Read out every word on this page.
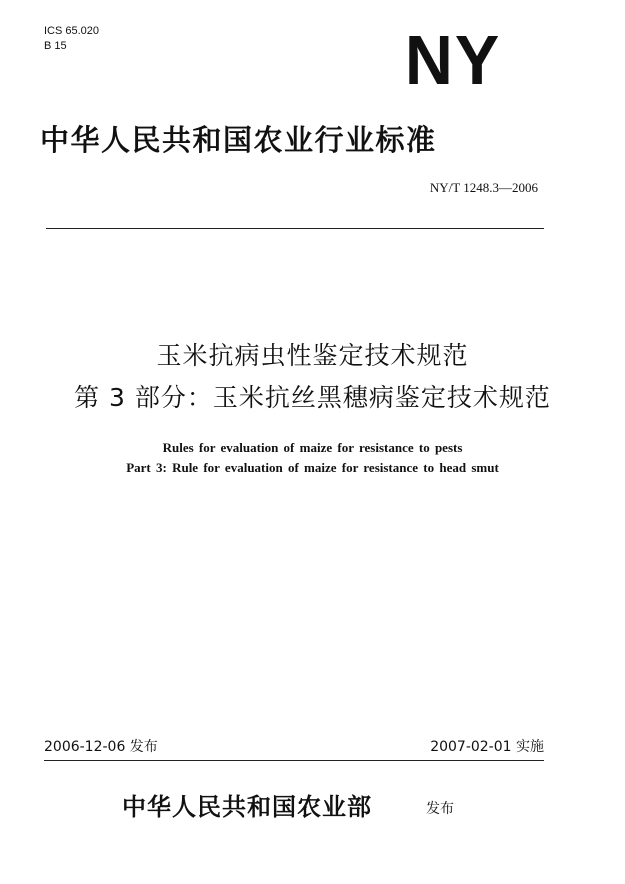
ICS 65.020
B 15	NY
中华人民共和国农业行业标准
NY/T 1248.3—2006
玉米抗病虫性鉴定技术规范
第 3 部分：玉米抗丝黑穗病鉴定技术规范
Rules for evaluation of maize for resistance to pests
Part 3: Rule for evaluation of maize for resistance to head smut
2006-12-06 发布	2007-02-01 实施
中华人民共和国农业部	发布
